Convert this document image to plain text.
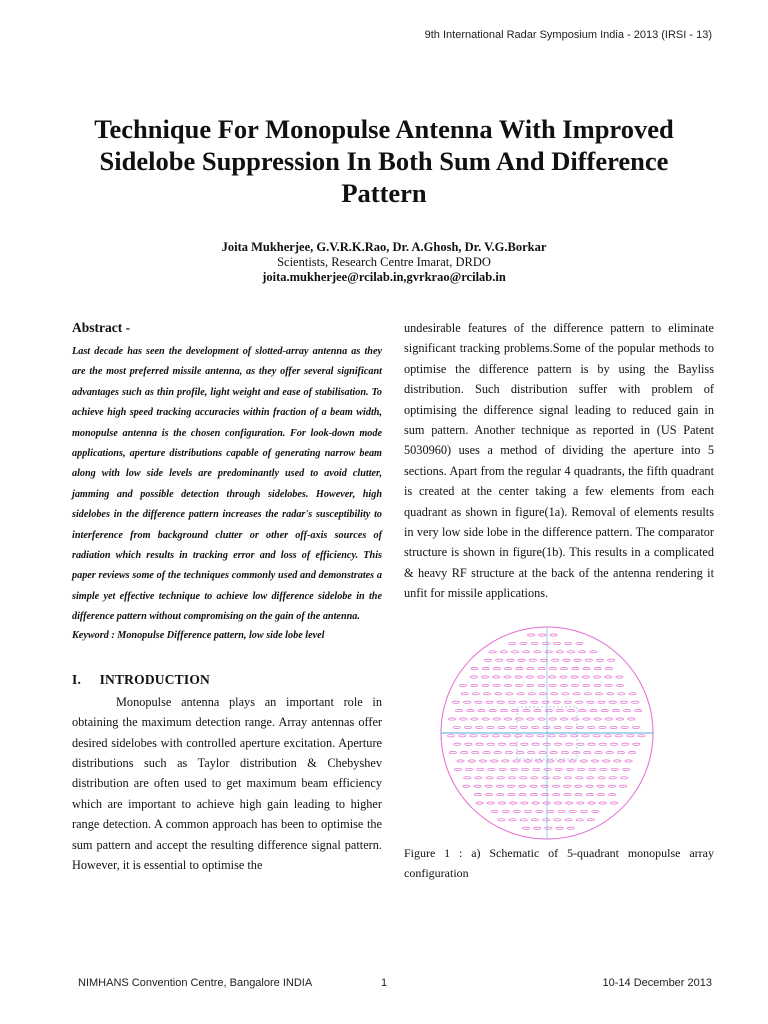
9th International Radar Symposium India - 2013 (IRSI - 13)
Technique For Monopulse Antenna With Improved Sidelobe Suppression In Both Sum And Difference Pattern
Joita Mukherjee, G.V.R.K.Rao, Dr. A.Ghosh, Dr. V.G.Borkar
Scientists, Research Centre Imarat, DRDO
joita.mukherjee@rcilab.in,gvrkrao@rcilab.in
Abstract -
Last decade has seen the development of slotted-array antenna as they are the most preferred missile antenna, as they offer several significant advantages such as thin profile, light weight and ease of stabilisation. To achieve high speed tracking accuracies within fraction of a beam width, monopulse antenna is the chosen configuration. For look-down mode applications, aperture distributions capable of generating narrow beam along with low side levels are predominantly used to avoid clutter, jamming and possible detection through sidelobes. However, high sidelobes in the difference pattern increases the radar's susceptibility to interference from background clutter or other off-axis sources of radiation which results in tracking error and loss of efficiency. This paper reviews some of the techniques commonly used and demonstrates a simple yet effective technique to achieve low difference sidelobe in the difference pattern without compromising on the gain of the antenna.
Keyword : Monopulse Difference pattern, low side lobe level
I. INTRODUCTION
Monopulse antenna plays an important role in obtaining the maximum detection range. Array antennas offer desired sidelobes with controlled aperture excitation. Aperture distributions such as Taylor distribution & Chebyshev distribution are often used to get maximum beam efficiency which are important to achieve high gain leading to higher range detection. A common approach has been to optimise the sum pattern and accept the resulting difference signal pattern. However, it is essential to optimise the
undesirable features of the difference pattern to eliminate significant tracking problems.Some of the popular methods to optimise the difference pattern is by using the Bayliss distribution. Such distribution suffer with problem of optimising the difference signal leading to reduced gain in sum pattern. Another technique as reported in (US Patent 5030960) uses a method of dividing the aperture into 5 sections. Apart from the regular 4 quadrants, the fifth quadrant is created at the center taking a few elements from each quadrant as shown in figure(1a). Removal of elements results in very low side lobe in the difference pattern. The comparator structure is shown in figure(1b). This results in a complicated & heavy RF structure at the back of the antenna rendering it unfit for missile applications.
Figure 1 : a) Schematic of 5-quadrant monopulse array configuration
NIMHANS Convention Centre, Bangalore INDIA	1	10-14 December 2013
